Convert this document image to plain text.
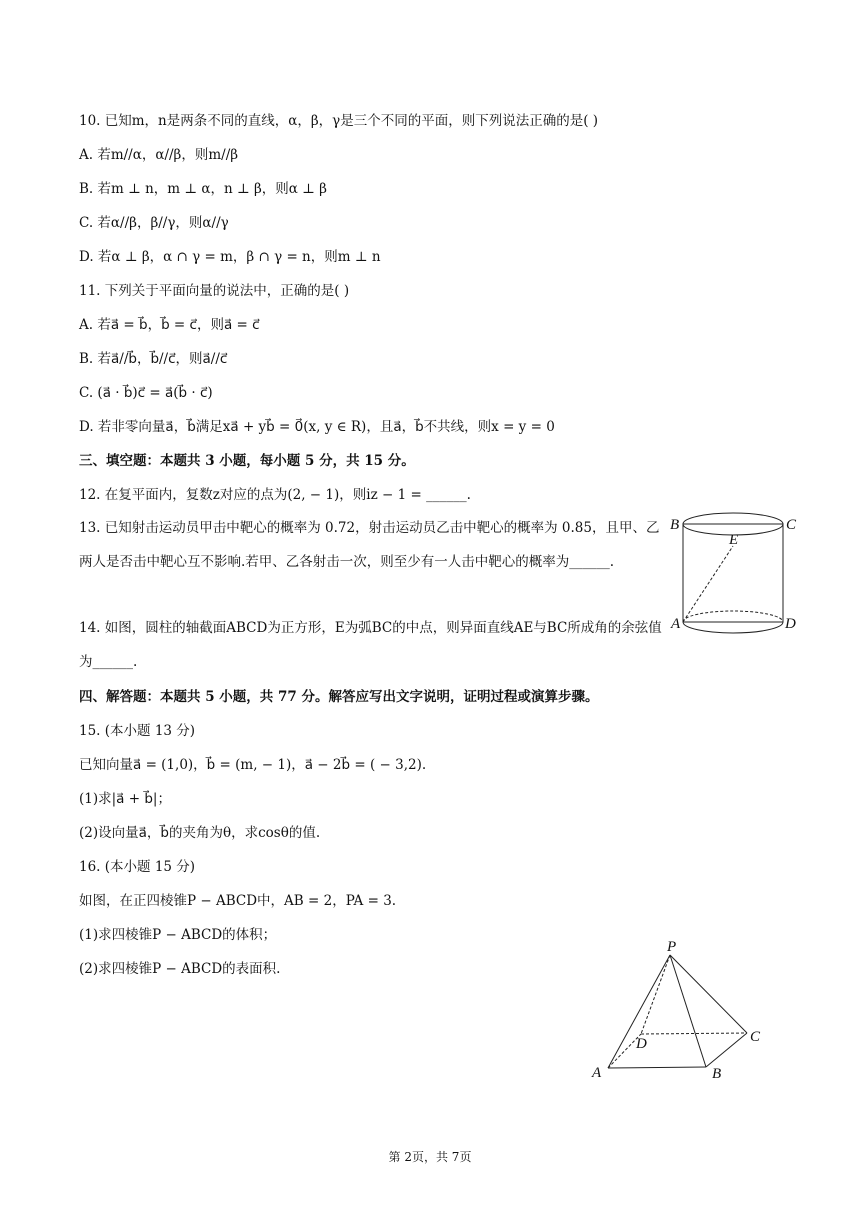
10. 已知m，n是两条不同的直线，α，β，γ是三个不同的平面，则下列说法正确的是( )
A. 若m//α，α//β，则m//β
B. 若m ⊥ n，m ⊥ α，n ⊥ β，则α ⊥ β
C. 若α//β，β//γ，则α//γ
D. 若α ⊥ β，α ∩ γ = m，β ∩ γ = n，则m ⊥ n
11. 下列关于平面向量的说法中，正确的是( )
A. 若a⃗ = b⃗，b⃗ = c⃗，则a⃗ = c⃗
B. 若a⃗//b⃗，b⃗//c⃗，则a⃗//c⃗
C. (a⃗ · b⃗)c⃗ = a⃗(b⃗ · c⃗)
D. 若非零向量a⃗，b⃗满足xa⃗ + yb⃗ = 0⃗(x, y ∈ R)，且a⃗，b⃗不共线，则x = y = 0
三、填空题：本题共 3 小题，每小题 5 分，共 15 分。
12. 在复平面内，复数z对应的点为(2, − 1)，则iz − 1 = ______.
13. 已知射击运动员甲击中靶心的概率为 0.72，射击运动员乙击中靶心的概率为 0.85，且甲、乙两人是否击中靶心互不影响.若甲、乙各射击一次，则至少有一人击中靶心的概率为______.
14. 如图，圆柱的轴截面ABCD为正方形，E为弧BC的中点，则异面直线AE与BC所成角的余弦值为______.
B	C
E
A	D
四、解答题：本题共 5 小题，共 77 分。解答应写出文字说明，证明过程或演算步骤。
15. (本小题 13 分)
已知向量a⃗ = (1,0)，b⃗ = (m, − 1)，a⃗ − 2b⃗ = ( − 3,2).
(1)求|a⃗ + b⃗|；
(2)设向量a⃗，b⃗的夹角为θ，求cosθ的值.
16. (本小题 15 分)
如图，在正四棱锥P − ABCD中，AB = 2，PA = 3.
(1)求四棱锥P − ABCD的体积；
(2)求四棱锥P − ABCD的表面积.
P
D	C
A	B
第 2页，共 7页
